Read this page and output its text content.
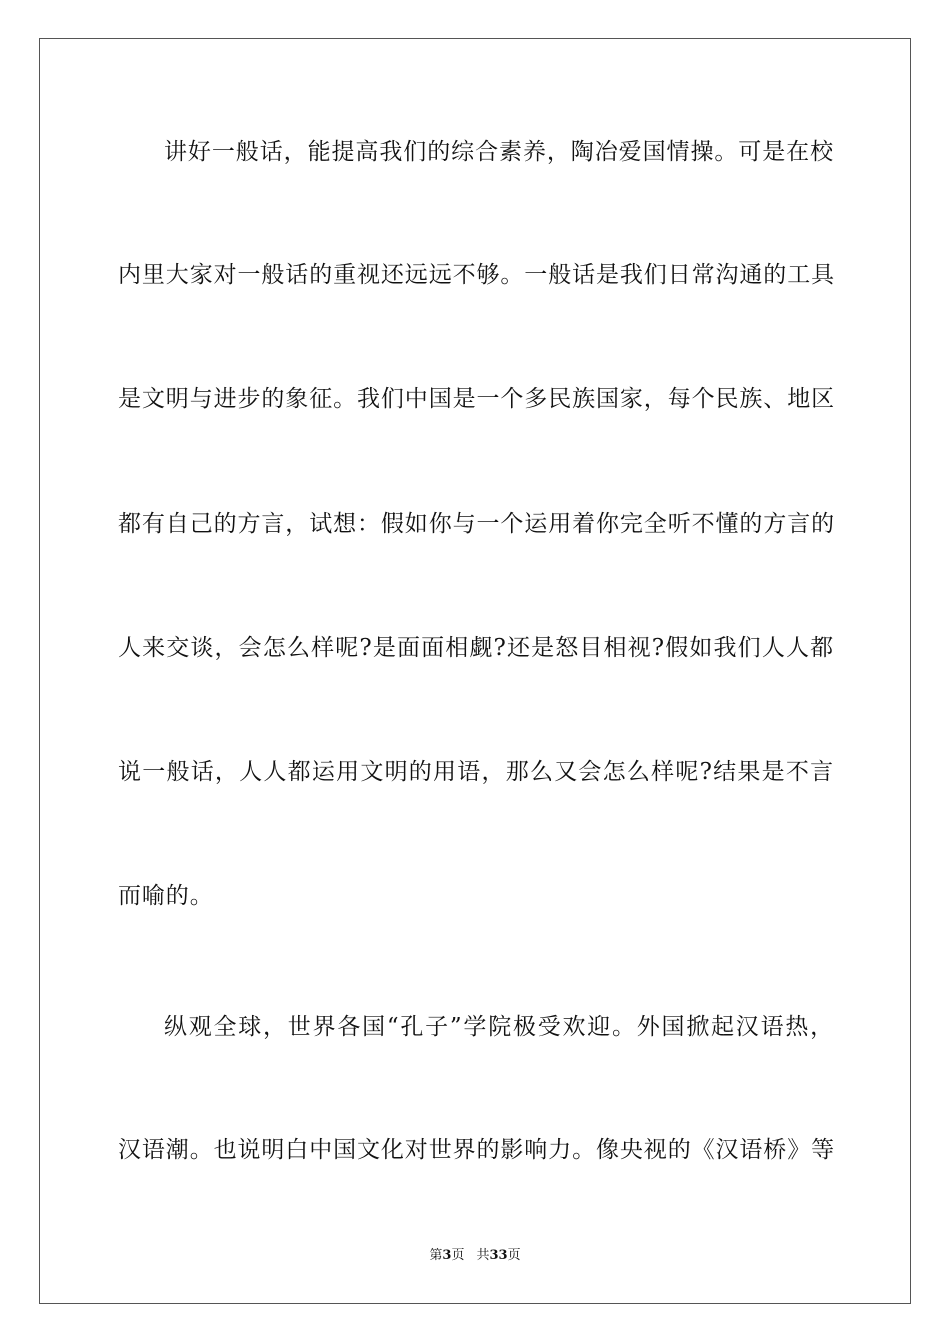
讲好一般话，能提高我们的综合素养，陶冶爱国情操。可是在校
内里大家对一般话的重视还远远不够。一般话是我们日常沟通的工具
是文明与进步的象征。我们中国是一个多民族国家，每个民族、地区
都有自己的方言，试想：假如你与一个运用着你完全听不懂的方言的
人来交谈，会怎么样呢?是面面相觑?还是怒目相视?假如我们人人都
说一般话，人人都运用文明的用语，那么又会怎么样呢?结果是不言
而喻的。
纵观全球，世界各国“孔子”学院极受欢迎。外国掀起汉语热，
汉语潮。也说明白中国文化对世界的影响力。像央视的《汉语桥》等
第3页 共33页
